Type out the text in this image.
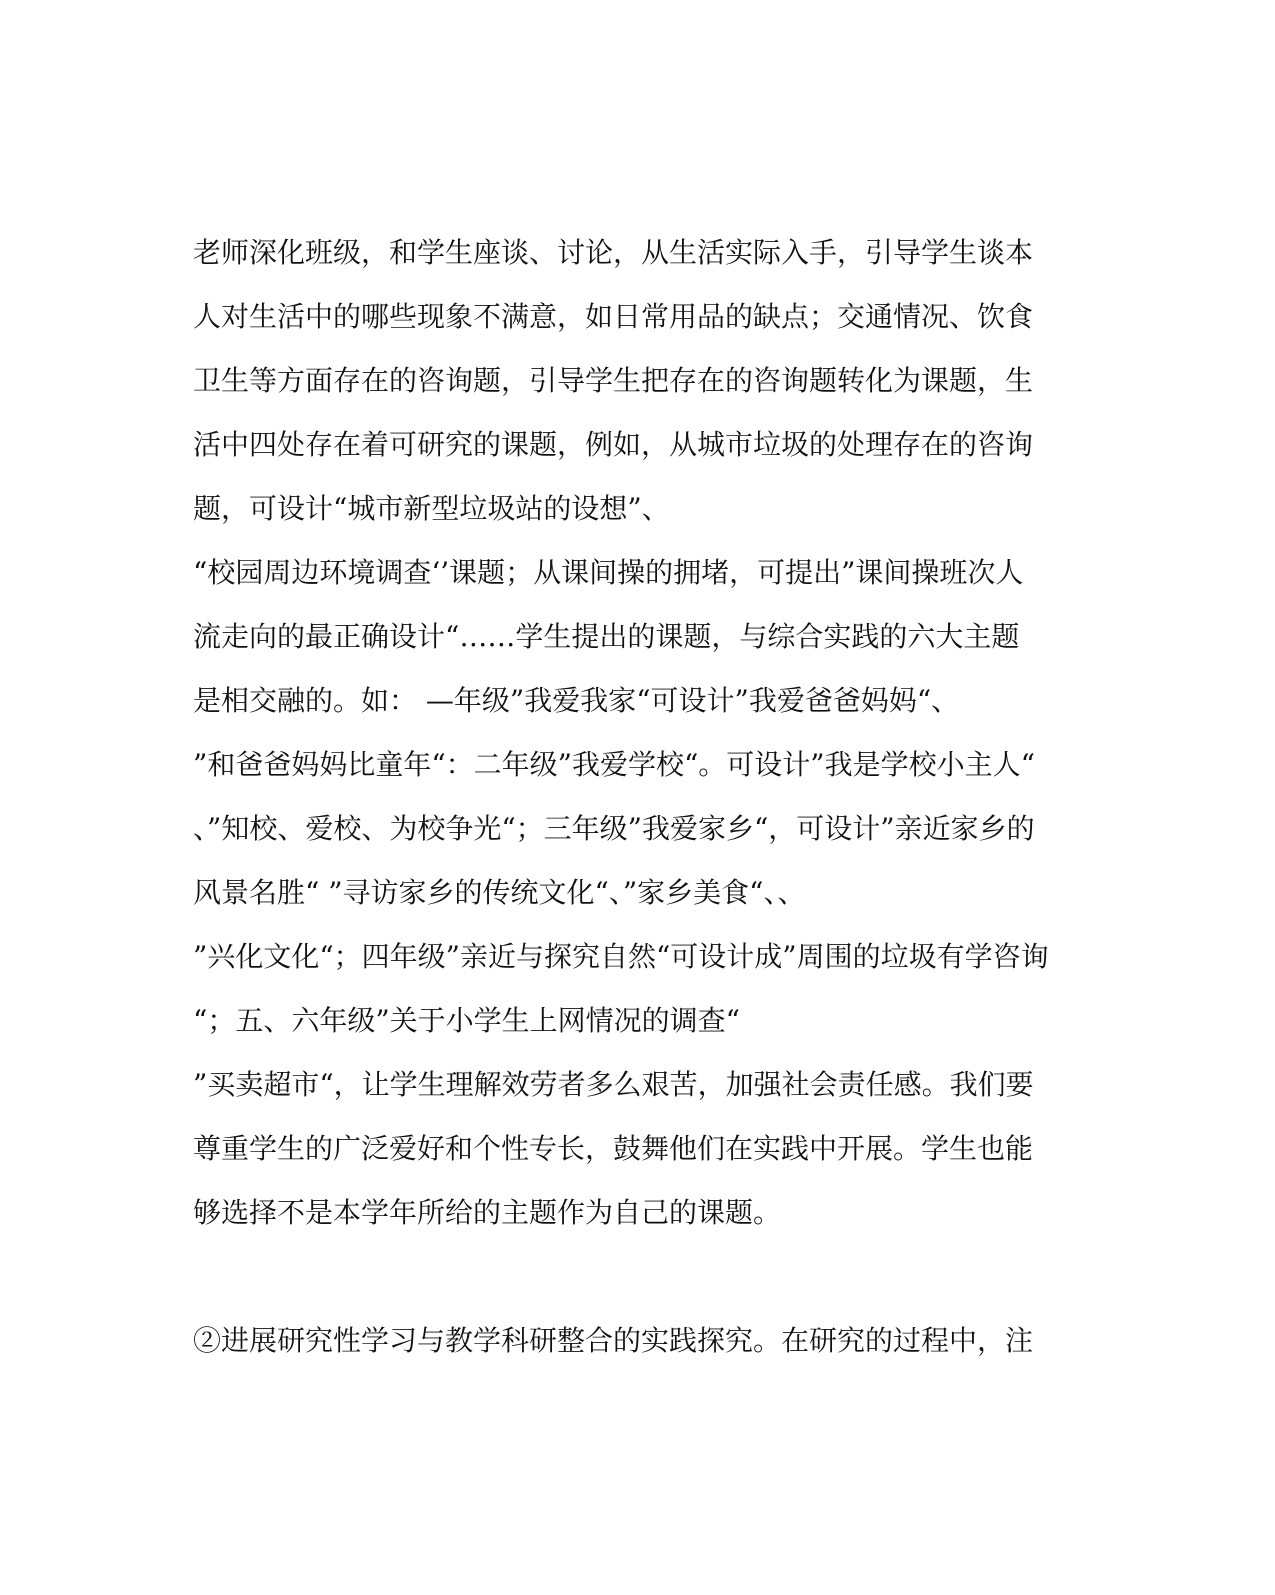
老师深化班级，和学生座谈、讨论，从生活实际入手，引导学生谈本
人对生活中的哪些现象不满意，如日常用品的缺点；交通情况、饮食
卫生等方面存在的咨询题，引导学生把存在的咨询题转化为课题，生
活中四处存在着可研究的课题，例如，从城市垃圾的处理存在的咨询
题，可设计“城市新型垃圾站的设想”、
“校园周边环境调查‘’课题；从课间操的拥堵，可提出”课间操班次人
流走向的最正确设计“……学生提出的课题，与综合实践的六大主题
是相交融的。如： —年级”我爱我家“可设计”我爱爸爸妈妈“、
”和爸爸妈妈比童年“：二年级”我爱学校“。可设计”我是学校小主人“
、”知校、爱校、为校争光“；三年级”我爱家乡“，可设计”亲近家乡的
风景名胜“ ”寻访家乡的传统文化“、”家乡美食“、、
”兴化文化“；四年级”亲近与探究自然“可设计成”周围的垃圾有学咨询
“；五、六年级”关于小学生上网情况的调查“
”买卖超市“，让学生理解效劳者多么艰苦，加强社会责任感。我们要
尊重学生的广泛爱好和个性专长，鼓舞他们在实践中开展。学生也能
够选择不是本学年所给的主题作为自己的课题。
②进展研究性学习与教学科研整合的实践探究。在研究的过程中，注
